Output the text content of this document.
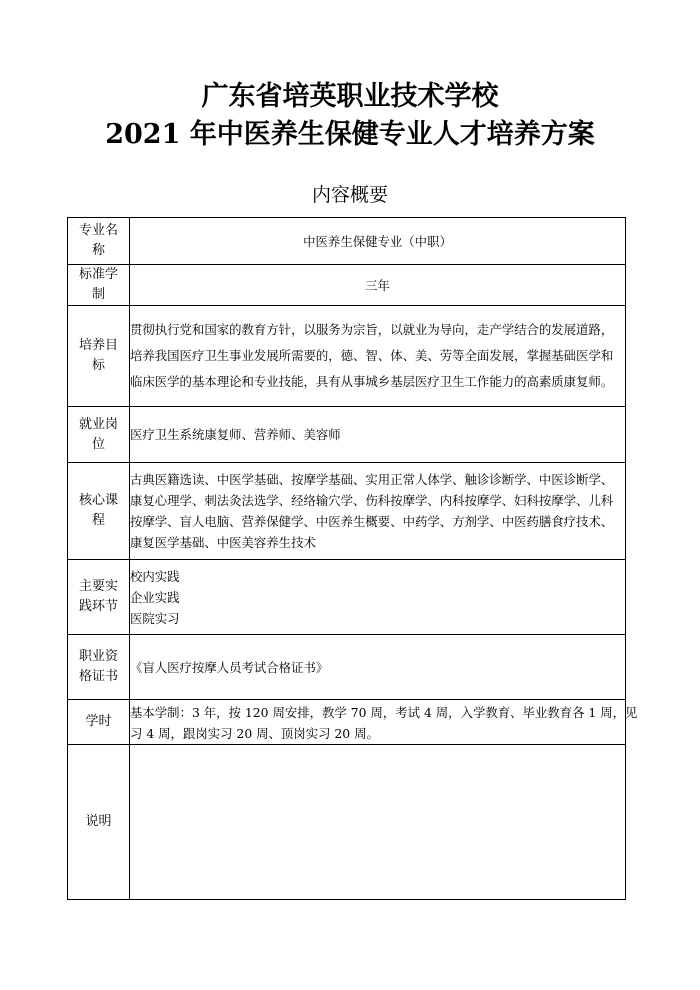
广东省培英职业技术学校
2021 年中医养生保健专业人才培养方案
内容概要
专业名
称	中医养生保健专业（中职）

标准学
制	三年

培养目
标	贯彻执行党和国家的教育方针，以服务为宗旨，以就业为导向，走产学结合的发展道路，
培养我国医疗卫生事业发展所需要的，德、智、体、美、劳等全面发展，掌握基础医学和
临床医学的基本理论和专业技能，具有从事城乡基层医疗卫生工作能力的高素质康复师。

就业岗
位	医疗卫生系统康复师、营养师、美容师

核心课
程	古典医籍选读、中医学基础、按摩学基础、实用正常人体学、触诊诊断学、中医诊断学、
康复心理学、刺法灸法选学、经络输穴学、伤科按摩学、内科按摩学、妇科按摩学、儿科
按摩学、盲人电脑、营养保健学、中医养生概要、中药学、方剂学、中医药膳食疗技术、
康复医学基础、中医美容养生技术

主要实
践环节	校内实践
企业实践
医院实习

职业资
格证书	《盲人医疗按摩人员考试合格证书》

学时	基本学制：3 年，按 120 周安排，教学 70 周，考试 4 周，入学教育、毕业教育各 1 周，见
习 4 周，跟岗实习 20 周、顶岗实习 20 周。

说明	
